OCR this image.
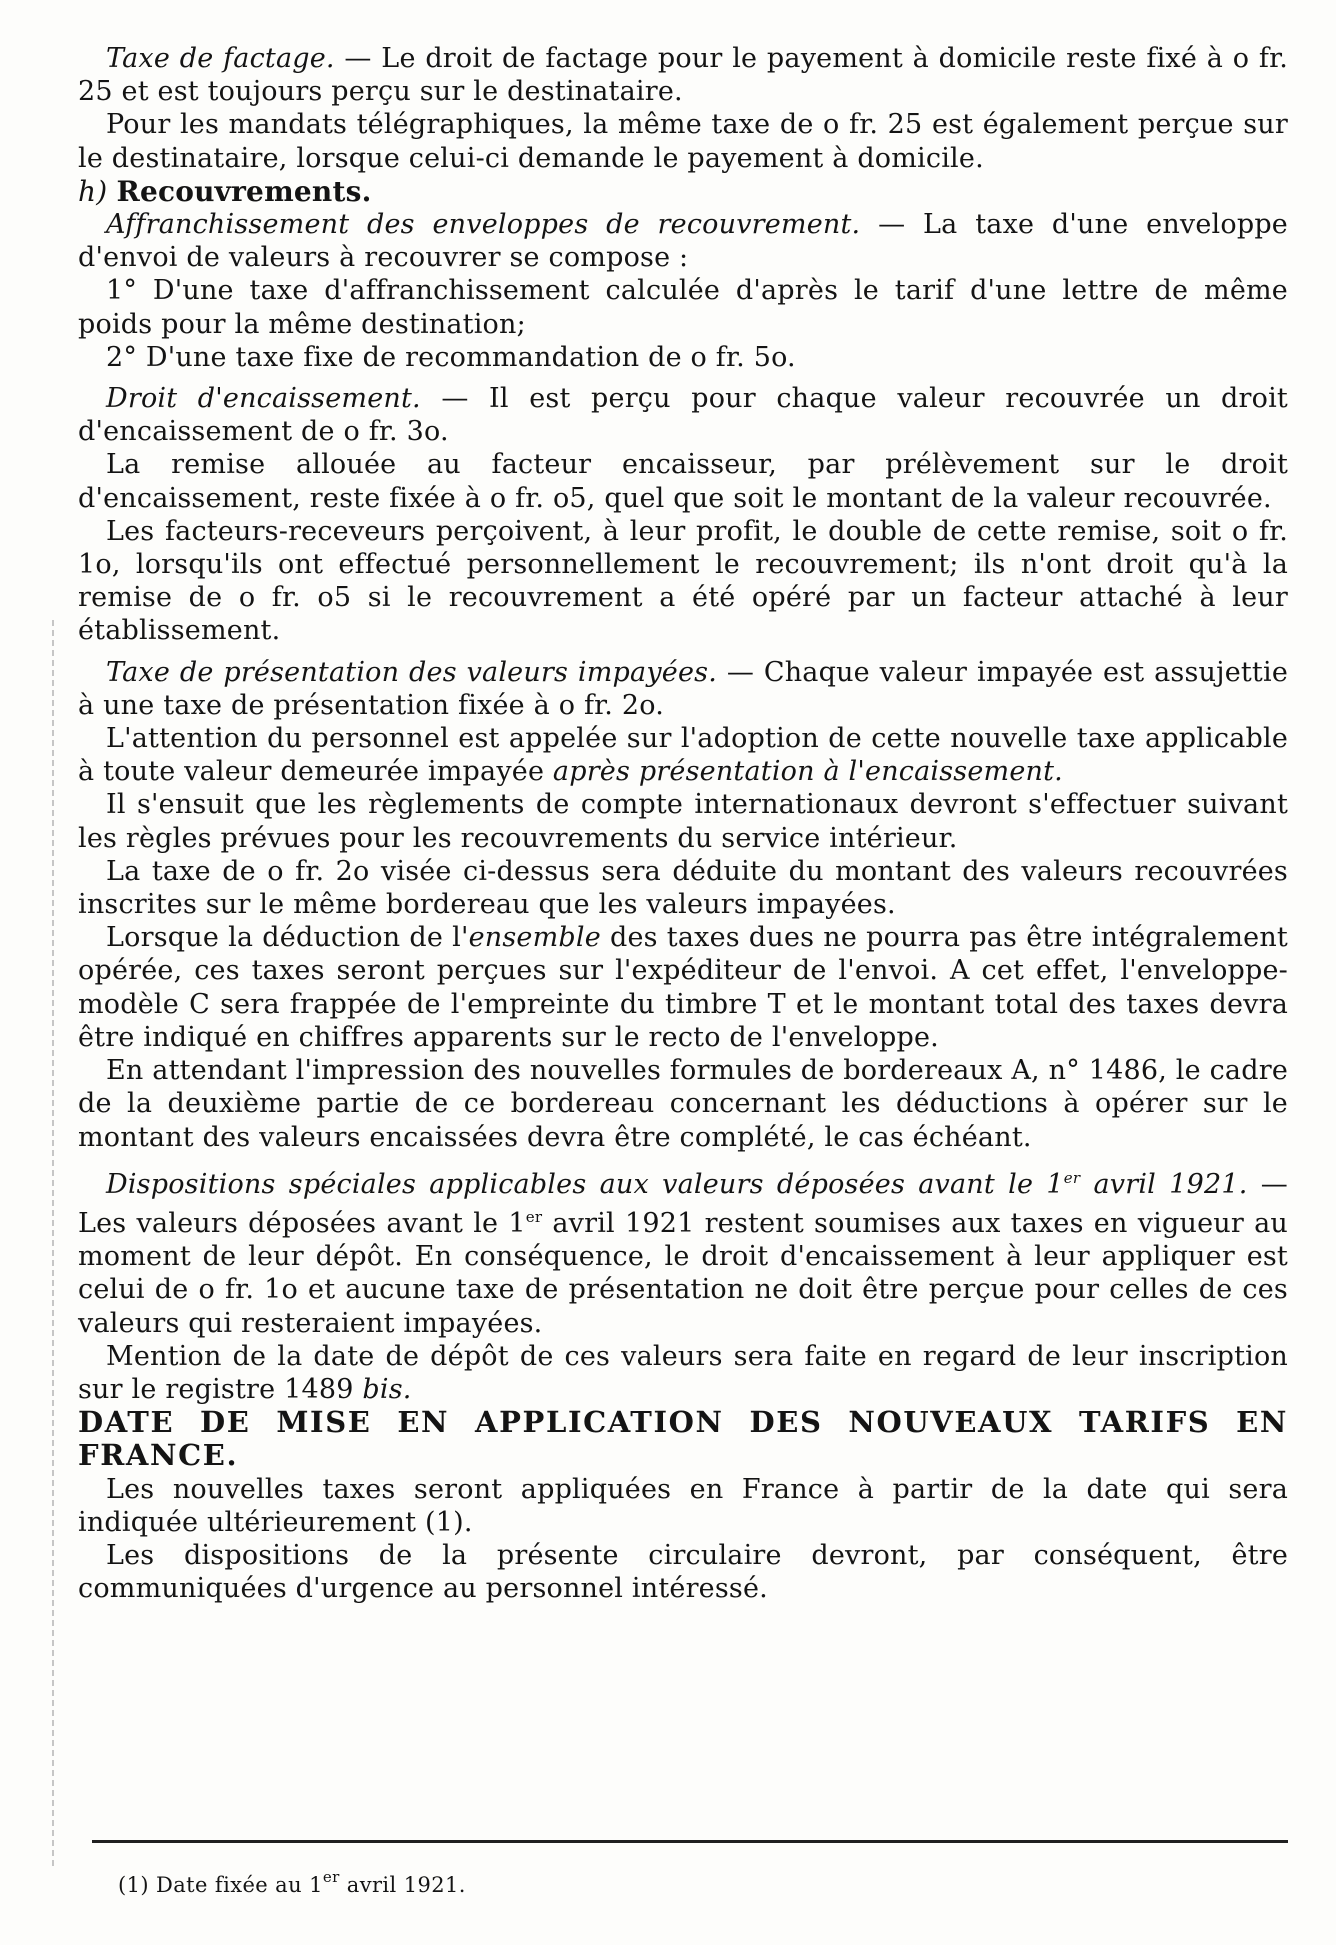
Taxe de factage. — Le droit de factage pour le payement à domicile reste fixé à o fr. 25 et est toujours perçu sur le destinataire.

Pour les mandats télégraphiques, la même taxe de o fr. 25 est également perçue sur le destinataire, lorsque celui-ci demande le payement à domicile.

h) Recouvrements.

Affranchissement des enveloppes de recouvrement. — La taxe d'une enveloppe d'envoi de valeurs à recouvrer se compose :

1° D'une taxe d'affranchissement calculée d'après le tarif d'une lettre de même poids pour la même destination;

2° D'une taxe fixe de recommandation de o fr. 5o.

Droit d'encaissement. — Il est perçu pour chaque valeur recouvrée un droit d'encaissement de o fr. 3o.

La remise allouée au facteur encaisseur, par prélèvement sur le droit d'encaissement, reste fixée à o fr. o5, quel que soit le montant de la valeur recouvrée.

Les facteurs-receveurs perçoivent, à leur profit, le double de cette remise, soit o fr. 1o, lorsqu'ils ont effectué personnellement le recouvrement; ils n'ont droit qu'à la remise de o fr. o5 si le recouvrement a été opéré par un facteur attaché à leur établissement.

Taxe de présentation des valeurs impayées. — Chaque valeur impayée est assujettie à une taxe de présentation fixée à o fr. 2o.

L'attention du personnel est appelée sur l'adoption de cette nouvelle taxe applicable à toute valeur demeurée impayée après présentation à l'encaissement.

Il s'ensuit que les règlements de compte internationaux devront s'effectuer suivant les règles prévues pour les recouvrements du service intérieur.

La taxe de o fr. 2o visée ci-dessus sera déduite du montant des valeurs recouvrées inscrites sur le même bordereau que les valeurs impayées.

Lorsque la déduction de l'ensemble des taxes dues ne pourra pas être intégralement opérée, ces taxes seront perçues sur l'expéditeur de l'envoi. A cet effet, l'enveloppe-modèle C sera frappée de l'empreinte du timbre T et le montant total des taxes devra être indiqué en chiffres apparents sur le recto de l'enveloppe.

En attendant l'impression des nouvelles formules de bordereaux A, n° 1486, le cadre de la deuxième partie de ce bordereau concernant les déductions à opérer sur le montant des valeurs encaissées devra être complété, le cas échéant.

Dispositions spéciales applicables aux valeurs déposées avant le 1er avril 1921. — Les valeurs déposées avant le 1er avril 1921 restent soumises aux taxes en vigueur au moment de leur dépôt. En conséquence, le droit d'encaissement à leur appliquer est celui de o fr. 1o et aucune taxe de présentation ne doit être perçue pour celles de ces valeurs qui resteraient impayées.

Mention de la date de dépôt de ces valeurs sera faite en regard de leur inscription sur le registre 1489 bis.

DATE DE MISE EN APPLICATION DES NOUVEAUX TARIFS EN FRANCE.

Les nouvelles taxes seront appliquées en France à partir de la date qui sera indiquée ultérieurement (1).

Les dispositions de la présente circulaire devront, par conséquent, être communiquées d'urgence au personnel intéressé.

(1) Date fixée au 1er avril 1921.
